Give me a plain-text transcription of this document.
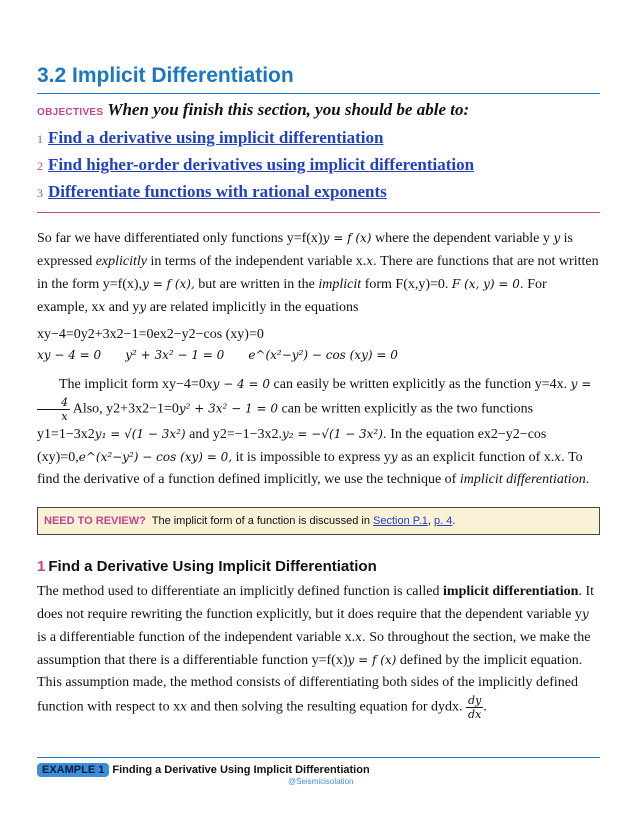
3.2 Implicit Differentiation
OBJECTIVES When you finish this section, you should be able to:
1 Find a derivative using implicit differentiation
2 Find higher-order derivatives using implicit differentiation
3 Differentiate functions with rational exponents

So far we have differentiated only functions y=f(x)y = f (x) where the dependent variable y y is expressed explicitly in terms of the independent variable x.x. There are functions that are not written in the form y=f(x),y = f (x), but are written in the implicit form F(x,y)=0. F (x, y) = 0. For example, xx and yy are related implicitly in the equations

xy−4=0y2+3x2−1=0ex2−y2−cos (xy)=0
xy − 4 = 0 y² + 3x² − 1 = 0 e^(x²−y²) − cos (xy) = 0

The implicit form xy−4=0xy − 4 = 0 can easily be written explicitly as the function y=4x. y =
$\frac{4}{x}$ Also, y2+3x2−1=0y² + 3x² − 1 = 0 can be written explicitly as the two functions y1=1−3x2y₁ = √(1 − 3x²) and y2=−1−3x2.y₂ = −√(1 − 3x²). In the equation ex2−y2−cos (xy)=0,e^(x²−y²) − cos (xy) = 0, it is impossible to express yy as an explicit function of x.x. To find the derivative of a function defined implicitly, we use the technique of implicit differentiation.

NEED TO REVIEW? The implicit form of a function is discussed in Section P.1, p. 4.
1 Find a Derivative Using Implicit Differentiation

The method used to differentiate an implicitly defined function is called implicit differentiation. It does not require rewriting the function explicitly, but it does require that the dependent variable yy is a differentiable function of the independent variable x.x. So throughout the section, we make the assumption that there is a differentiable function y=f(x)y = f (x) defined by the implicit equation. This assumption made, the method consists of differentiating both sides of the implicitly defined function with respect to xx and then solving the resulting equation for dydx. $\frac{dy}{dx}$ .

EXAMPLE 1 Finding a Derivative Using Implicit Differentiation
@Seismicisolation
